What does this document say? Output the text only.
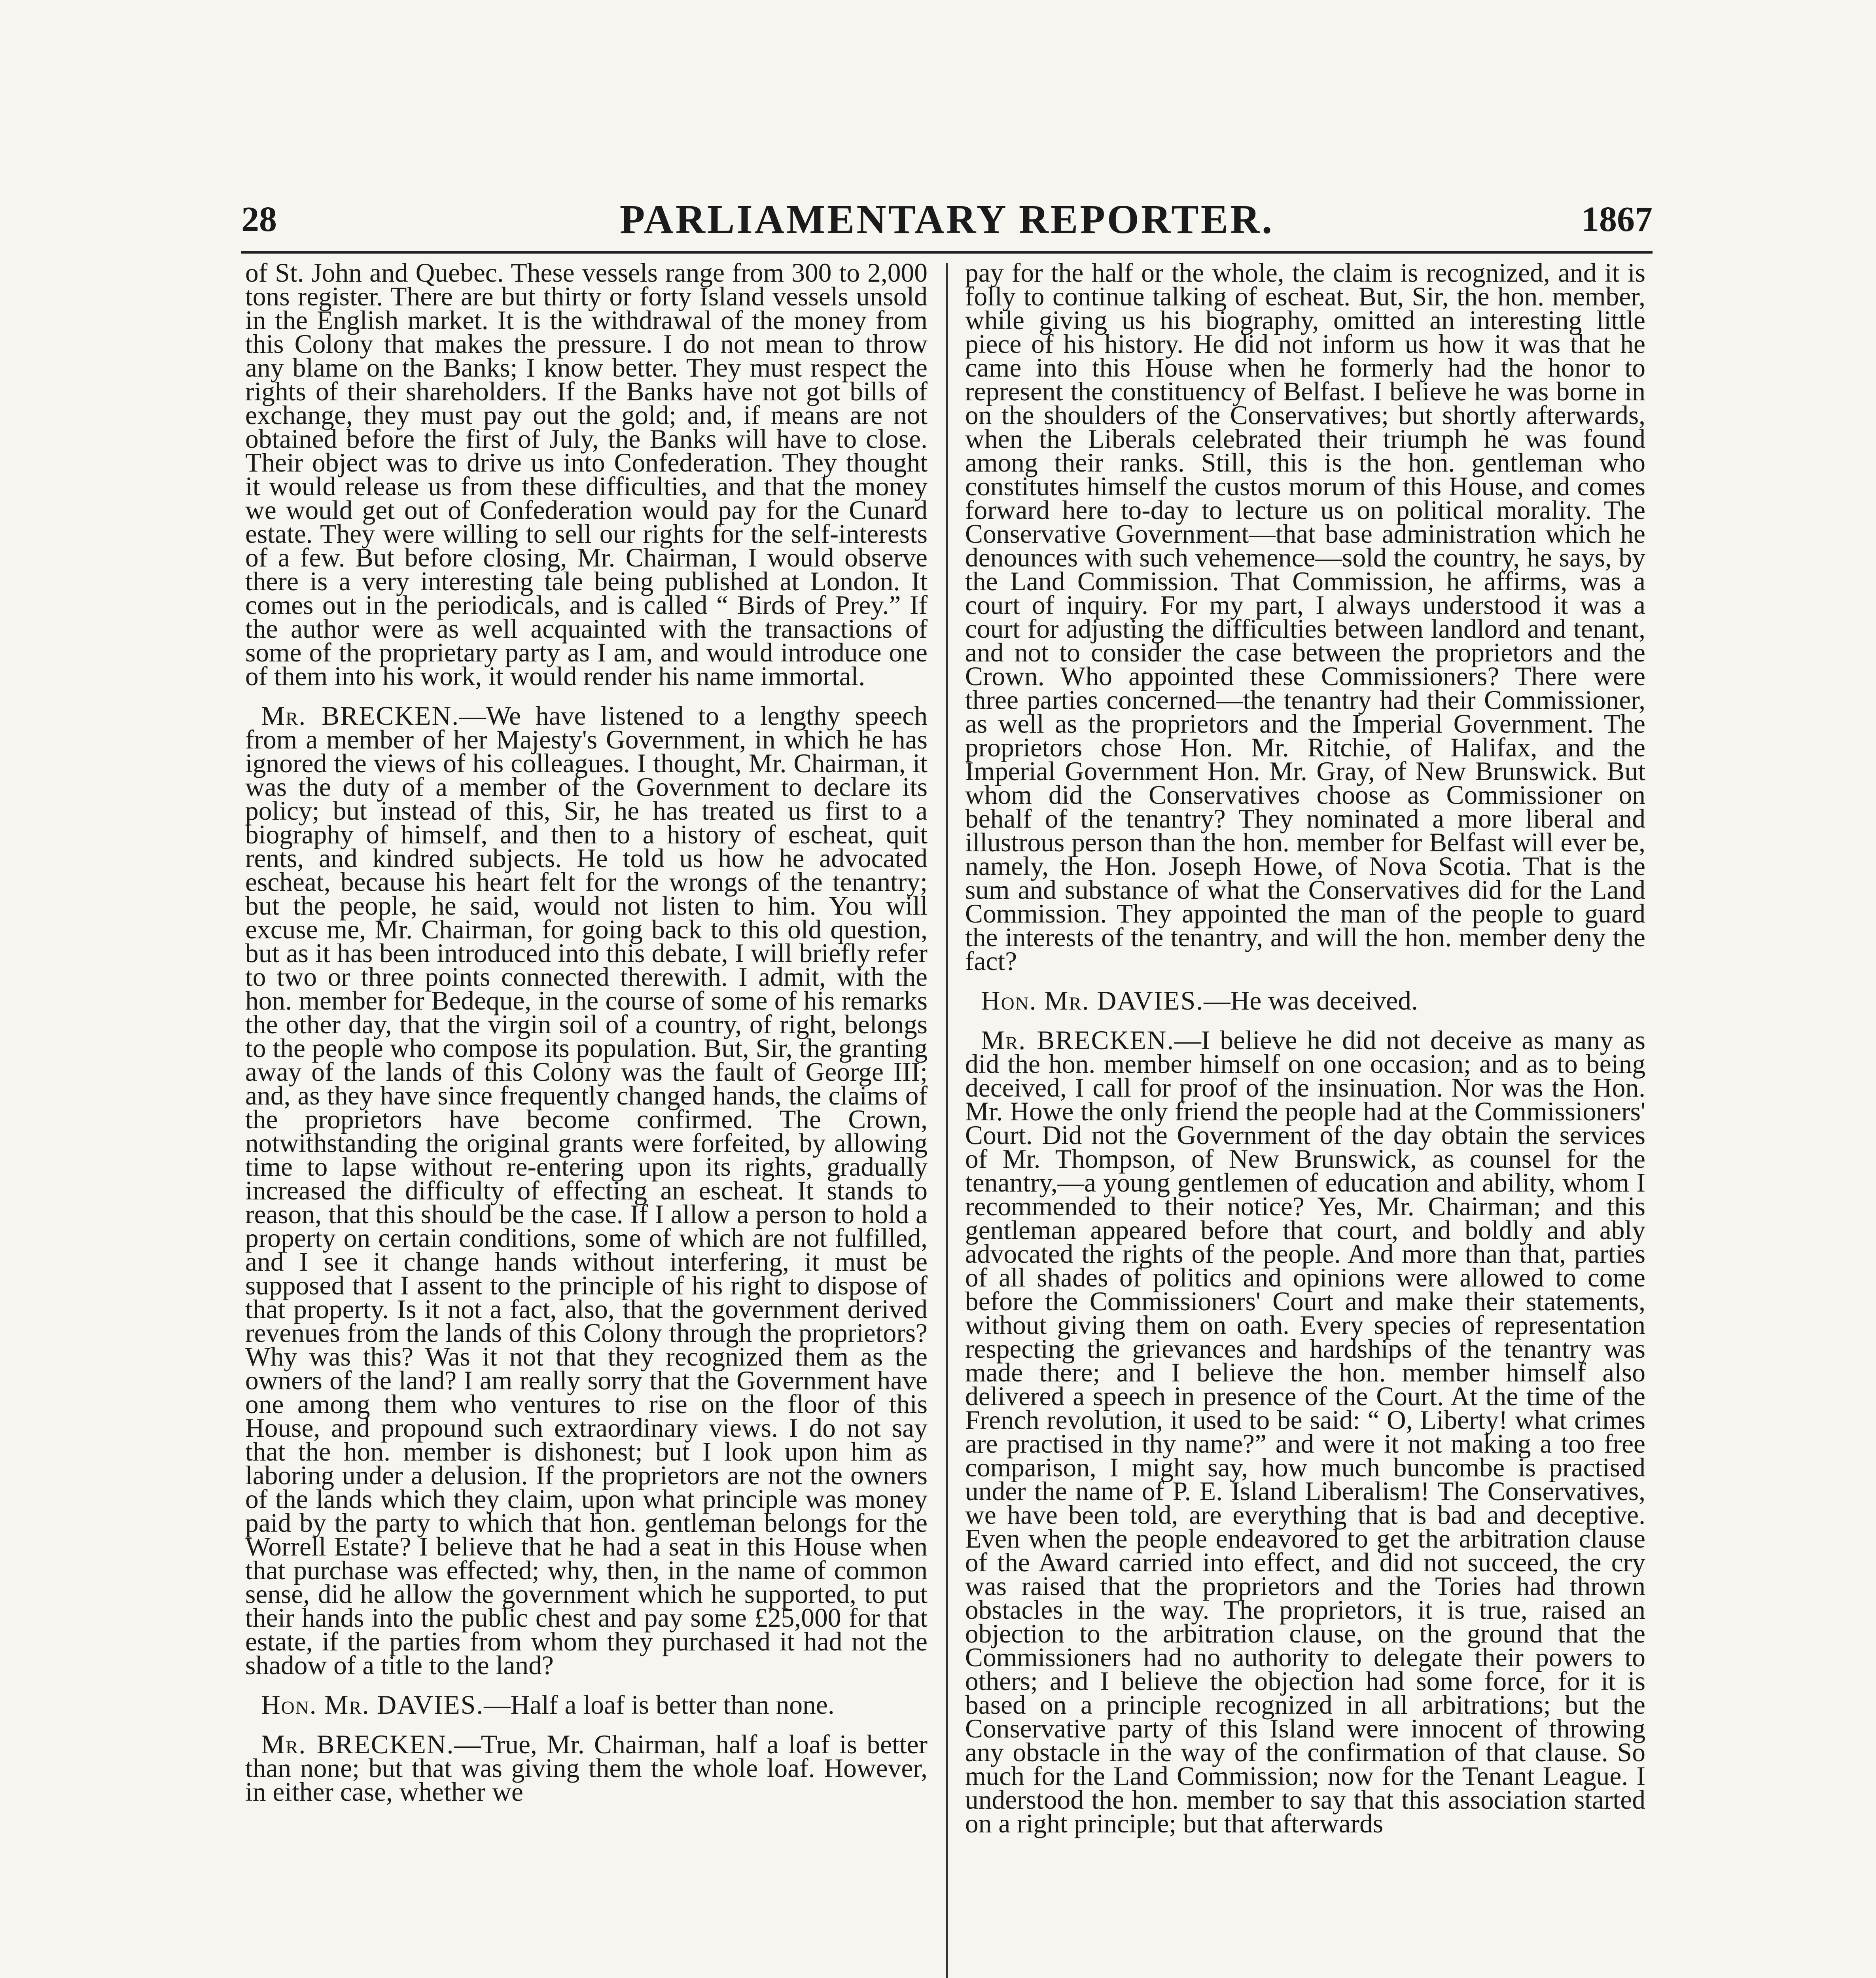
28	PARLIAMENTARY REPORTER.	1867

of St. John and Quebec. These vessels range from 300 to 2,000 tons register. There are but thirty or forty Island vessels unsold in the English market. It is the withdrawal of the money from this Colony that makes the pressure. I do not mean to throw any blame on the Banks; I know better. They must respect the rights of their shareholders. If the Banks have not got bills of exchange, they must pay out the gold; and, if means are not obtained before the first of July, the Banks will have to close. Their object was to drive us into Confederation. They thought it would release us from these difficulties, and that the money we would get out of Confederation would pay for the Cunard estate. They were willing to sell our rights for the self-interests of a few. But before closing, Mr. Chairman, I would observe there is a very interesting tale being published at London. It comes out in the periodicals, and is called “ Birds of Prey.” If the author were as well acquainted with the transactions of some of the proprietary party as I am, and would introduce one of them into his work, it would render his name immortal.

Mr. BRECKEN.—We have listened to a lengthy speech from a member of her Majesty's Government, in which he has ignored the views of his colleagues. I thought, Mr. Chairman, it was the duty of a member of the Government to declare its policy; but instead of this, Sir, he has treated us first to a biography of himself, and then to a history of escheat, quit rents, and kindred subjects. He told us how he advocated escheat, because his heart felt for the wrongs of the tenantry; but the people, he said, would not listen to him. You will excuse me, Mr. Chairman, for going back to this old question, but as it has been introduced into this debate, I will briefly refer to two or three points connected therewith. I admit, with the hon. member for Bedeque, in the course of some of his remarks the other day, that the virgin soil of a country, of right, belongs to the people who compose its population. But, Sir, the granting away of the lands of this Colony was the fault of George III; and, as they have since frequently changed hands, the claims of the proprietors have become confirmed. The Crown, notwithstanding the original grants were forfeited, by allowing time to lapse without re-entering upon its rights, gradually increased the difficulty of effecting an escheat. It stands to reason, that this should be the case. If I allow a person to hold a property on certain conditions, some of which are not fulfilled, and I see it change hands without interfering, it must be supposed that I assent to the principle of his right to dispose of that property. Is it not a fact, also, that the government derived revenues from the lands of this Colony through the proprietors? Why was this? Was it not that they recognized them as the owners of the land? I am really sorry that the Government have one among them who ventures to rise on the floor of this House, and propound such extraordinary views. I do not say that the hon. member is dishonest; but I look upon him as laboring under a delusion. If the proprietors are not the owners of the lands which they claim, upon what principle was money paid by the party to which that hon. gentleman belongs for the Worrell Estate? I believe that he had a seat in this House when that purchase was effected; why, then, in the name of common sense, did he allow the government which he supported, to put their hands into the public chest and pay some £25,000 for that estate, if the parties from whom they purchased it had not the shadow of a title to the land?

Hon. Mr. DAVIES.—Half a loaf is better than none.

Mr. BRECKEN.—True, Mr. Chairman, half a loaf is better than none; but that was giving them the whole loaf. However, in either case, whether we

pay for the half or the whole, the claim is recognized, and it is folly to continue talking of escheat. But, Sir, the hon. member, while giving us his biography, omitted an interesting little piece of his history. He did not inform us how it was that he came into this House when he formerly had the honor to represent the constituency of Belfast. I believe he was borne in on the shoulders of the Conservatives; but shortly afterwards, when the Liberals celebrated their triumph he was found among their ranks. Still, this is the hon. gentleman who constitutes himself the custos morum of this House, and comes forward here to-day to lecture us on political morality. The Conservative Government—that base administration which he denounces with such vehemence—sold the country, he says, by the Land Commission. That Commission, he affirms, was a court of inquiry. For my part, I always understood it was a court for adjusting the difficulties between landlord and tenant, and not to consider the case between the proprietors and the Crown. Who appointed these Commissioners? There were three parties concerned—the tenantry had their Commissioner, as well as the proprietors and the Imperial Government. The proprietors chose Hon. Mr. Ritchie, of Halifax, and the Imperial Government Hon. Mr. Gray, of New Brunswick. But whom did the Conservatives choose as Commissioner on behalf of the tenantry? They nominated a more liberal and illustrous person than the hon. member for Belfast will ever be, namely, the Hon. Joseph Howe, of Nova Scotia. That is the sum and substance of what the Conservatives did for the Land Commission. They appointed the man of the people to guard the interests of the tenantry, and will the hon. member deny the fact?

Hon. Mr. DAVIES.—He was deceived.

Mr. BRECKEN.—I believe he did not deceive as many as did the hon. member himself on one occasion; and as to being deceived, I call for proof of the insinuation. Nor was the Hon. Mr. Howe the only friend the people had at the Commissioners' Court. Did not the Government of the day obtain the services of Mr. Thompson, of New Brunswick, as counsel for the tenantry,—a young gentlemen of education and ability, whom I recommended to their notice? Yes, Mr. Chairman; and this gentleman appeared before that court, and boldly and ably advocated the rights of the people. And more than that, parties of all shades of politics and opinions were allowed to come before the Commissioners' Court and make their statements, without giving them on oath. Every species of representation respecting the grievances and hardships of the tenantry was made there; and I believe the hon. member himself also delivered a speech in presence of the Court. At the time of the French revolution, it used to be said: “ O, Liberty! what crimes are practised in thy name?” and were it not making a too free comparison, I might say, how much buncombe is practised under the name of P. E. Island Liberalism! The Conservatives, we have been told, are everything that is bad and deceptive. Even when the people endeavored to get the arbitration clause of the Award carried into effect, and did not succeed, the cry was raised that the proprietors and the Tories had thrown obstacles in the way. The proprietors, it is true, raised an objection to the arbitration clause, on the ground that the Commissioners had no authority to delegate their powers to others; and I believe the objection had some force, for it is based on a principle recognized in all arbitrations; but the Conservative party of this Island were innocent of throwing any obstacle in the way of the confirmation of that clause. So much for the Land Commission; now for the Tenant League. I understood the hon. member to say that this association started on a right principle; but that afterwards
